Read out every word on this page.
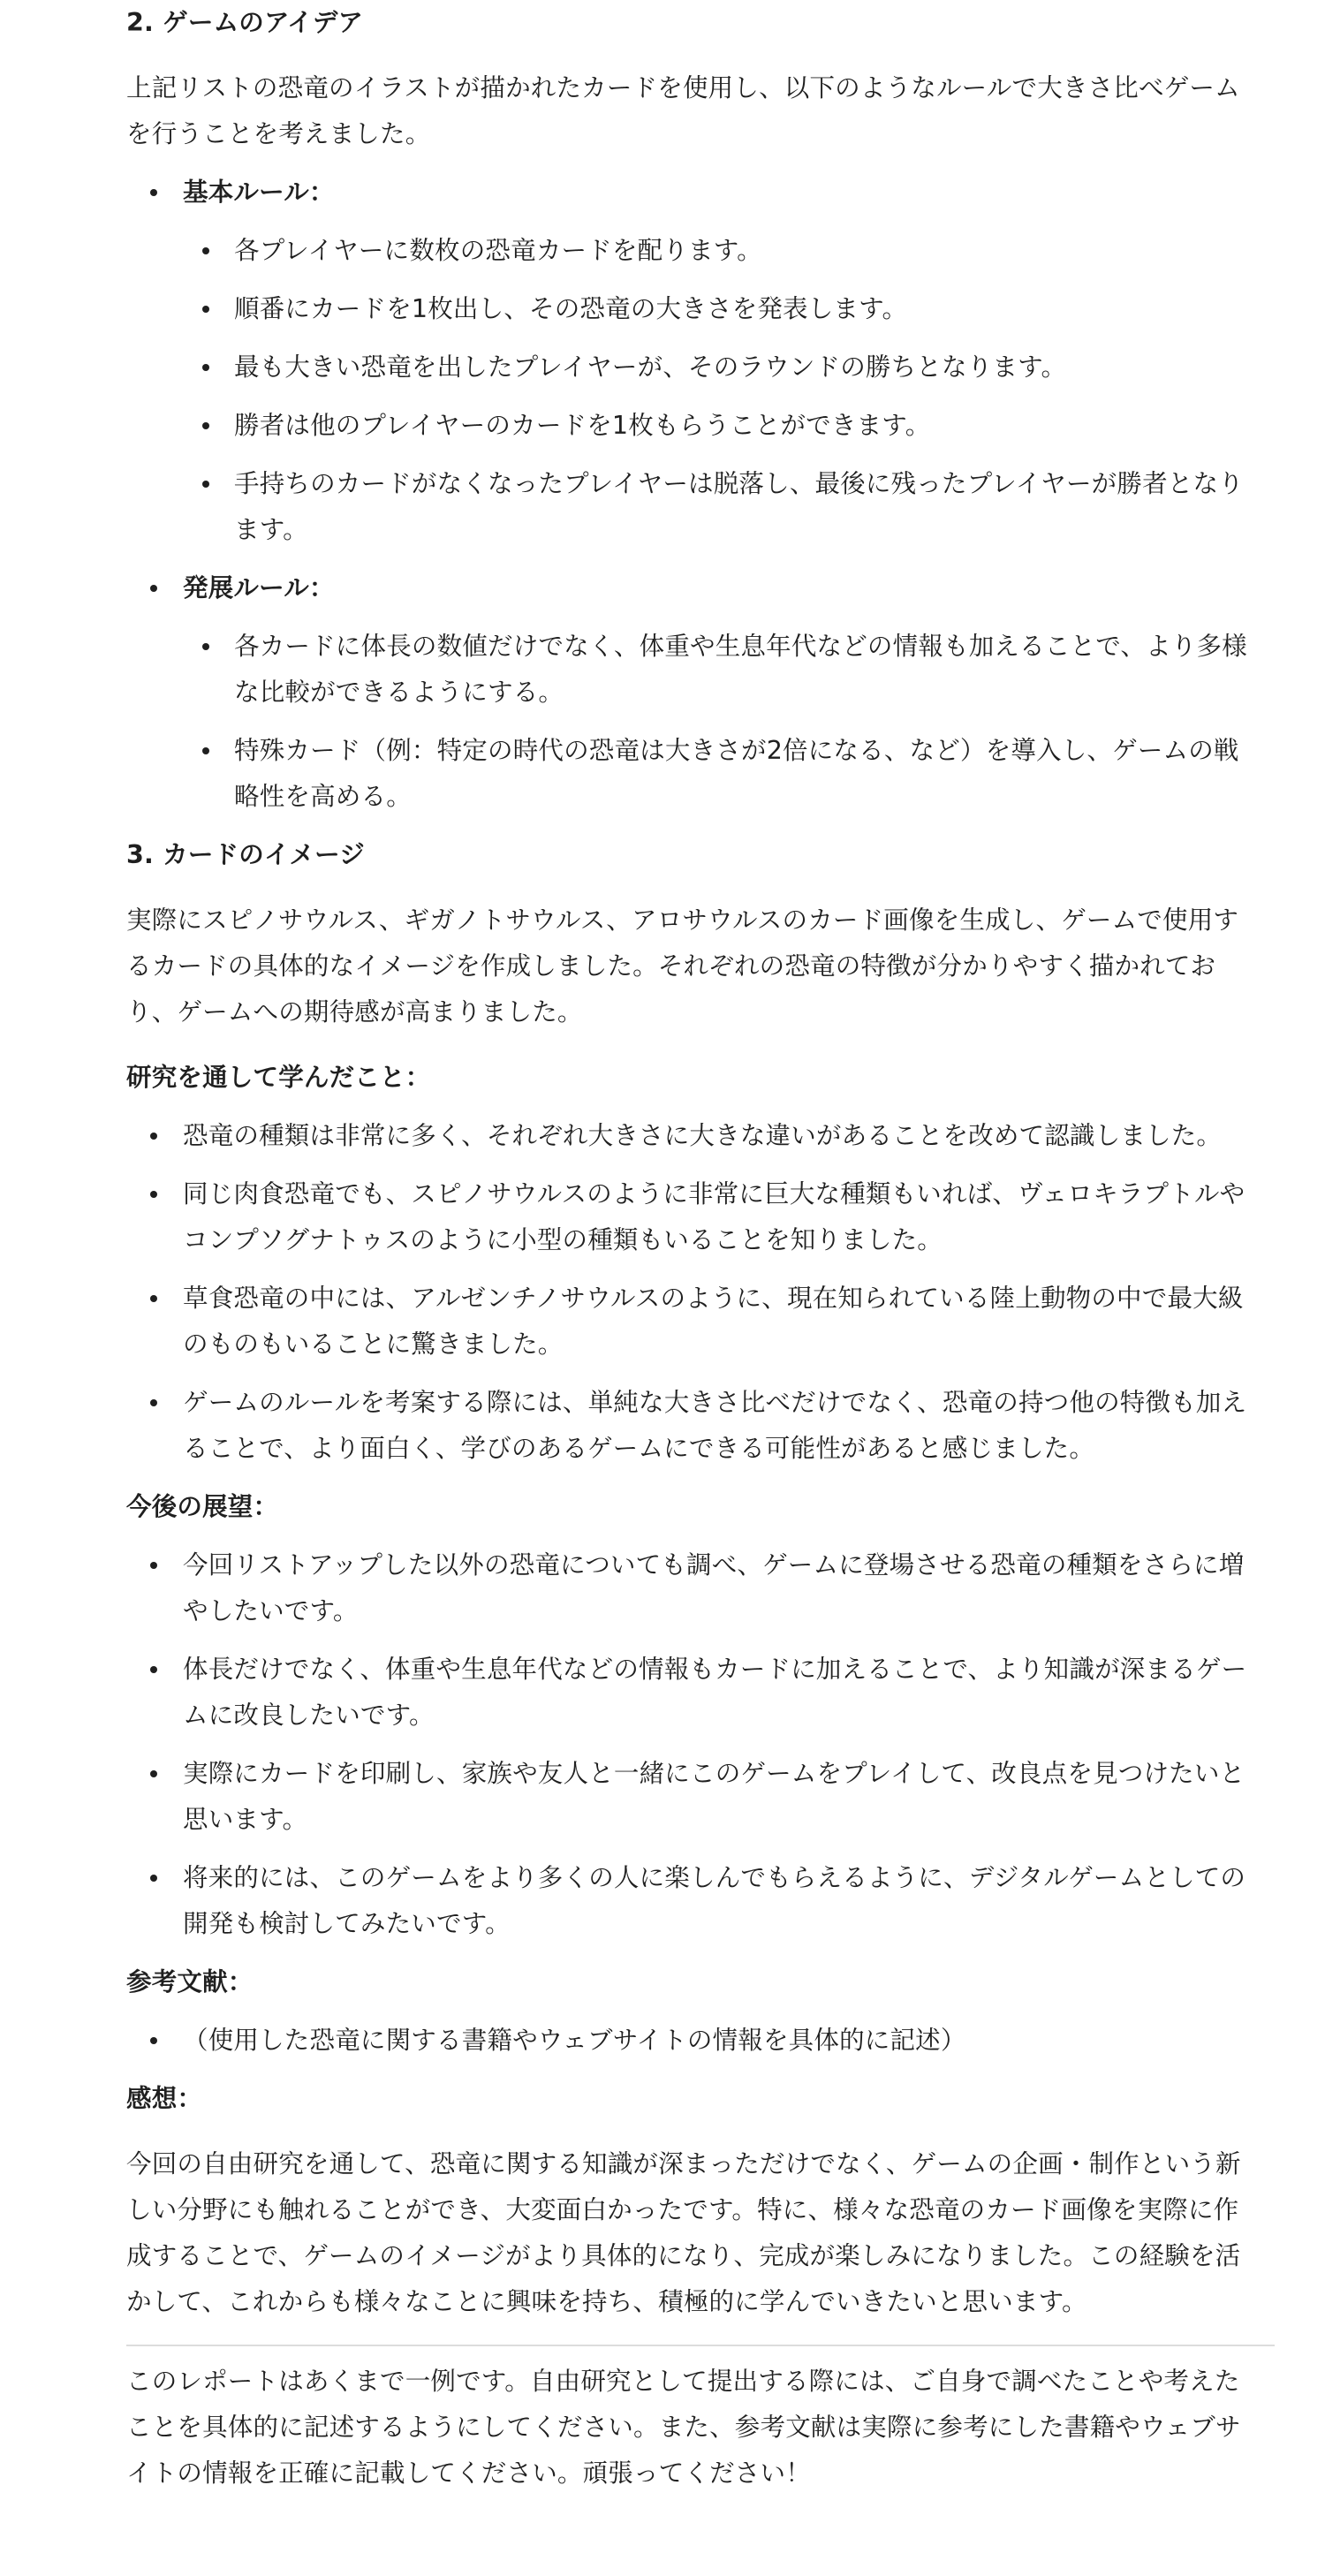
2. ゲームのアイデア

上記リストの恐竜のイラストが描かれたカードを使用し、以下のようなルールで大きさ比べゲーム
を行うことを考えました。

基本ルール：
各プレイヤーに数枚の恐竜カードを配ります。
順番にカードを1枚出し、その恐竜の大きさを発表します。
最も大きい恐竜を出したプレイヤーが、そのラウンドの勝ちとなります。
勝者は他のプレイヤーのカードを1枚もらうことができます。
手持ちのカードがなくなったプレイヤーは脱落し、最後に残ったプレイヤーが勝者となり
ます。
発展ルール：
各カードに体長の数値だけでなく、体重や生息年代などの情報も加えることで、より多様
な比較ができるようにする。
特殊カード（例：特定の時代の恐竜は大きさが2倍になる、など）を導入し、ゲームの戦
略性を高める。

3. カードのイメージ

実際にスピノサウルス、ギガノトサウルス、アロサウルスのカード画像を生成し、ゲームで使用す
るカードの具体的なイメージを作成しました。それぞれの恐竜の特徴が分かりやすく描かれてお
り、ゲームへの期待感が高まりました。

研究を通して学んだこと：

恐竜の種類は非常に多く、それぞれ大きさに大きな違いがあることを改めて認識しました。
同じ肉食恐竜でも、スピノサウルスのように非常に巨大な種類もいれば、ヴェロキラプトルや
コンプソグナトゥスのように小型の種類もいることを知りました。
草食恐竜の中には、アルゼンチノサウルスのように、現在知られている陸上動物の中で最大級
のものもいることに驚きました。
ゲームのルールを考案する際には、単純な大きさ比べだけでなく、恐竜の持つ他の特徴も加え
ることで、より面白く、学びのあるゲームにできる可能性があると感じました。

今後の展望：

今回リストアップした以外の恐竜についても調べ、ゲームに登場させる恐竜の種類をさらに増
やしたいです。
体長だけでなく、体重や生息年代などの情報もカードに加えることで、より知識が深まるゲー
ムに改良したいです。
実際にカードを印刷し、家族や友人と一緒にこのゲームをプレイして、改良点を見つけたいと
思います。
将来的には、このゲームをより多くの人に楽しんでもらえるように、デジタルゲームとしての
開発も検討してみたいです。

参考文献：

（使用した恐竜に関する書籍やウェブサイトの情報を具体的に記述）

感想：

今回の自由研究を通して、恐竜に関する知識が深まっただけでなく、ゲームの企画・制作という新
しい分野にも触れることができ、大変面白かったです。特に、様々な恐竜のカード画像を実際に作
成することで、ゲームのイメージがより具体的になり、完成が楽しみになりました。この経験を活
かして、これからも様々なことに興味を持ち、積極的に学んでいきたいと思います。

このレポートはあくまで一例です。自由研究として提出する際には、ご自身で調べたことや考えた
ことを具体的に記述するようにしてください。また、参考文献は実際に参考にした書籍やウェブサ
イトの情報を正確に記載してください。頑張ってください！
